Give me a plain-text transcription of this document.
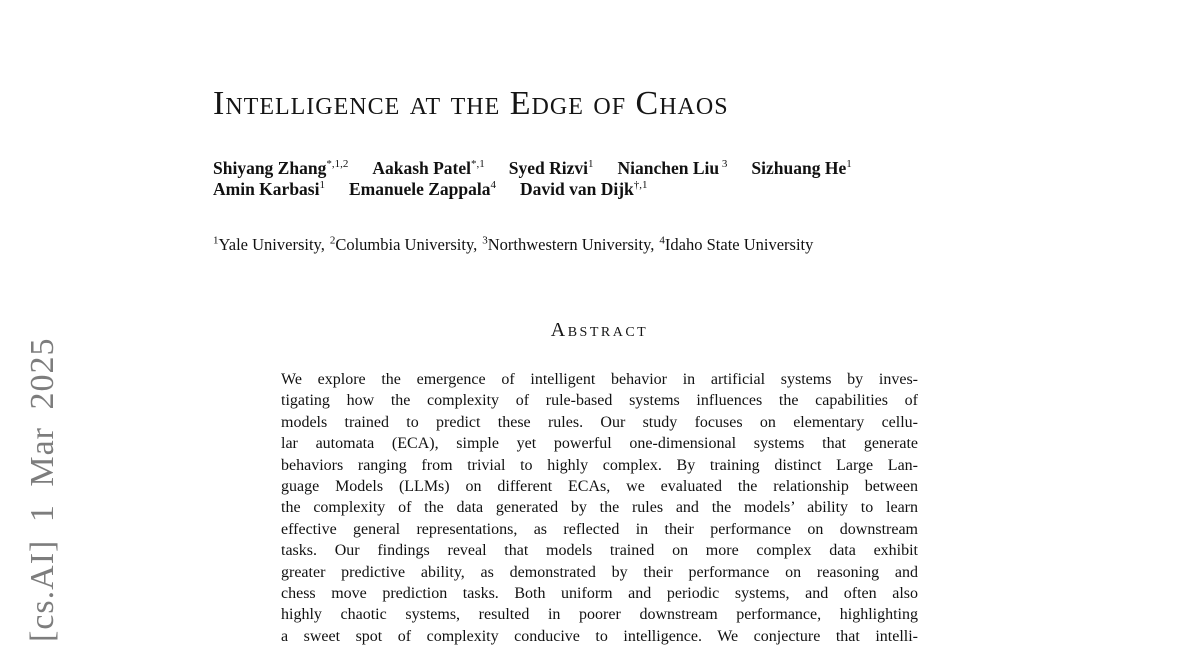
[cs.AI] 1 Mar 2025
Intelligence at the Edge of Chaos
Shiyang Zhang$^{*,1,2}$ Aakash Patel$^{*,1}$ Syed Rizvi$^1$ Nianchen Liu $^3$ Sizhuang He$^1$
Amin Karbasi$^1$ Emanuele Zappala$^4$ David van Dijk$^{\dagger,1}$
$^1$Yale University, $^2$Columbia University, $^3$Northwestern University, $^4$Idaho State University
Abstract
We explore the emergence of intelligent behavior in artificial systems by inves-
tigating how the complexity of rule-based systems influences the capabilities of
models trained to predict these rules. Our study focuses on elementary cellu-
lar automata (ECA), simple yet powerful one-dimensional systems that generate
behaviors ranging from trivial to highly complex. By training distinct Large Lan-
guage Models (LLMs) on different ECAs, we evaluated the relationship between
the complexity of the data generated by the rules and the models’ ability to learn
effective general representations, as reflected in their performance on downstream
tasks. Our findings reveal that models trained on more complex data exhibit
greater predictive ability, as demonstrated by their performance on reasoning and
chess move prediction tasks. Both uniform and periodic systems, and often also
highly chaotic systems, resulted in poorer downstream performance, highlighting
a sweet spot of complexity conducive to intelligence. We conjecture that intelli-
